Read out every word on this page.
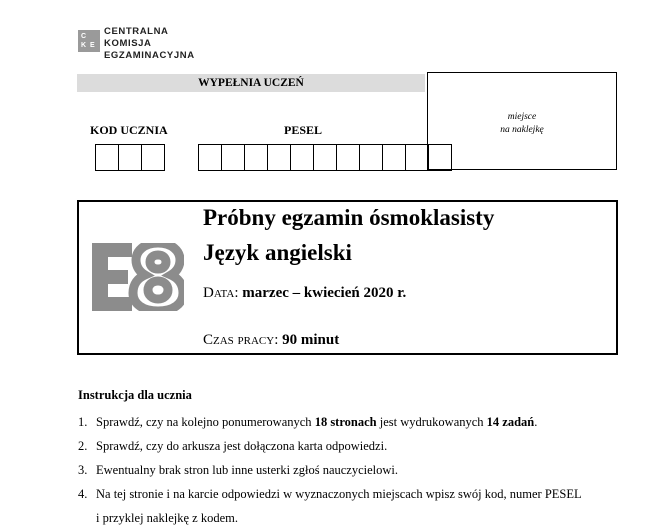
C
K E
CENTRALNA
KOMISJA
EGZAMINACYJNA
WYPEŁNIA UCZEŃ
KOD UCZNIA	PESEL
miejsce
na naklejkę
Próbny egzamin ósmoklasisty
Język angielski
Data: marzec – kwiecień 2020 r.
Czas pracy: 90 minut
Instrukcja dla ucznia
1. Sprawdź, czy na kolejno ponumerowanych 18 stronach jest wydrukowanych 14 zadań.
2. Sprawdź, czy do arkusza jest dołączona karta odpowiedzi.
3. Ewentualny brak stron lub inne usterki zgłoś nauczycielowi.
4. Na tej stronie i na karcie odpowiedzi w wyznaczonych miejscach wpisz swój kod, numer PESEL
i przyklej naklejkę z kodem.
